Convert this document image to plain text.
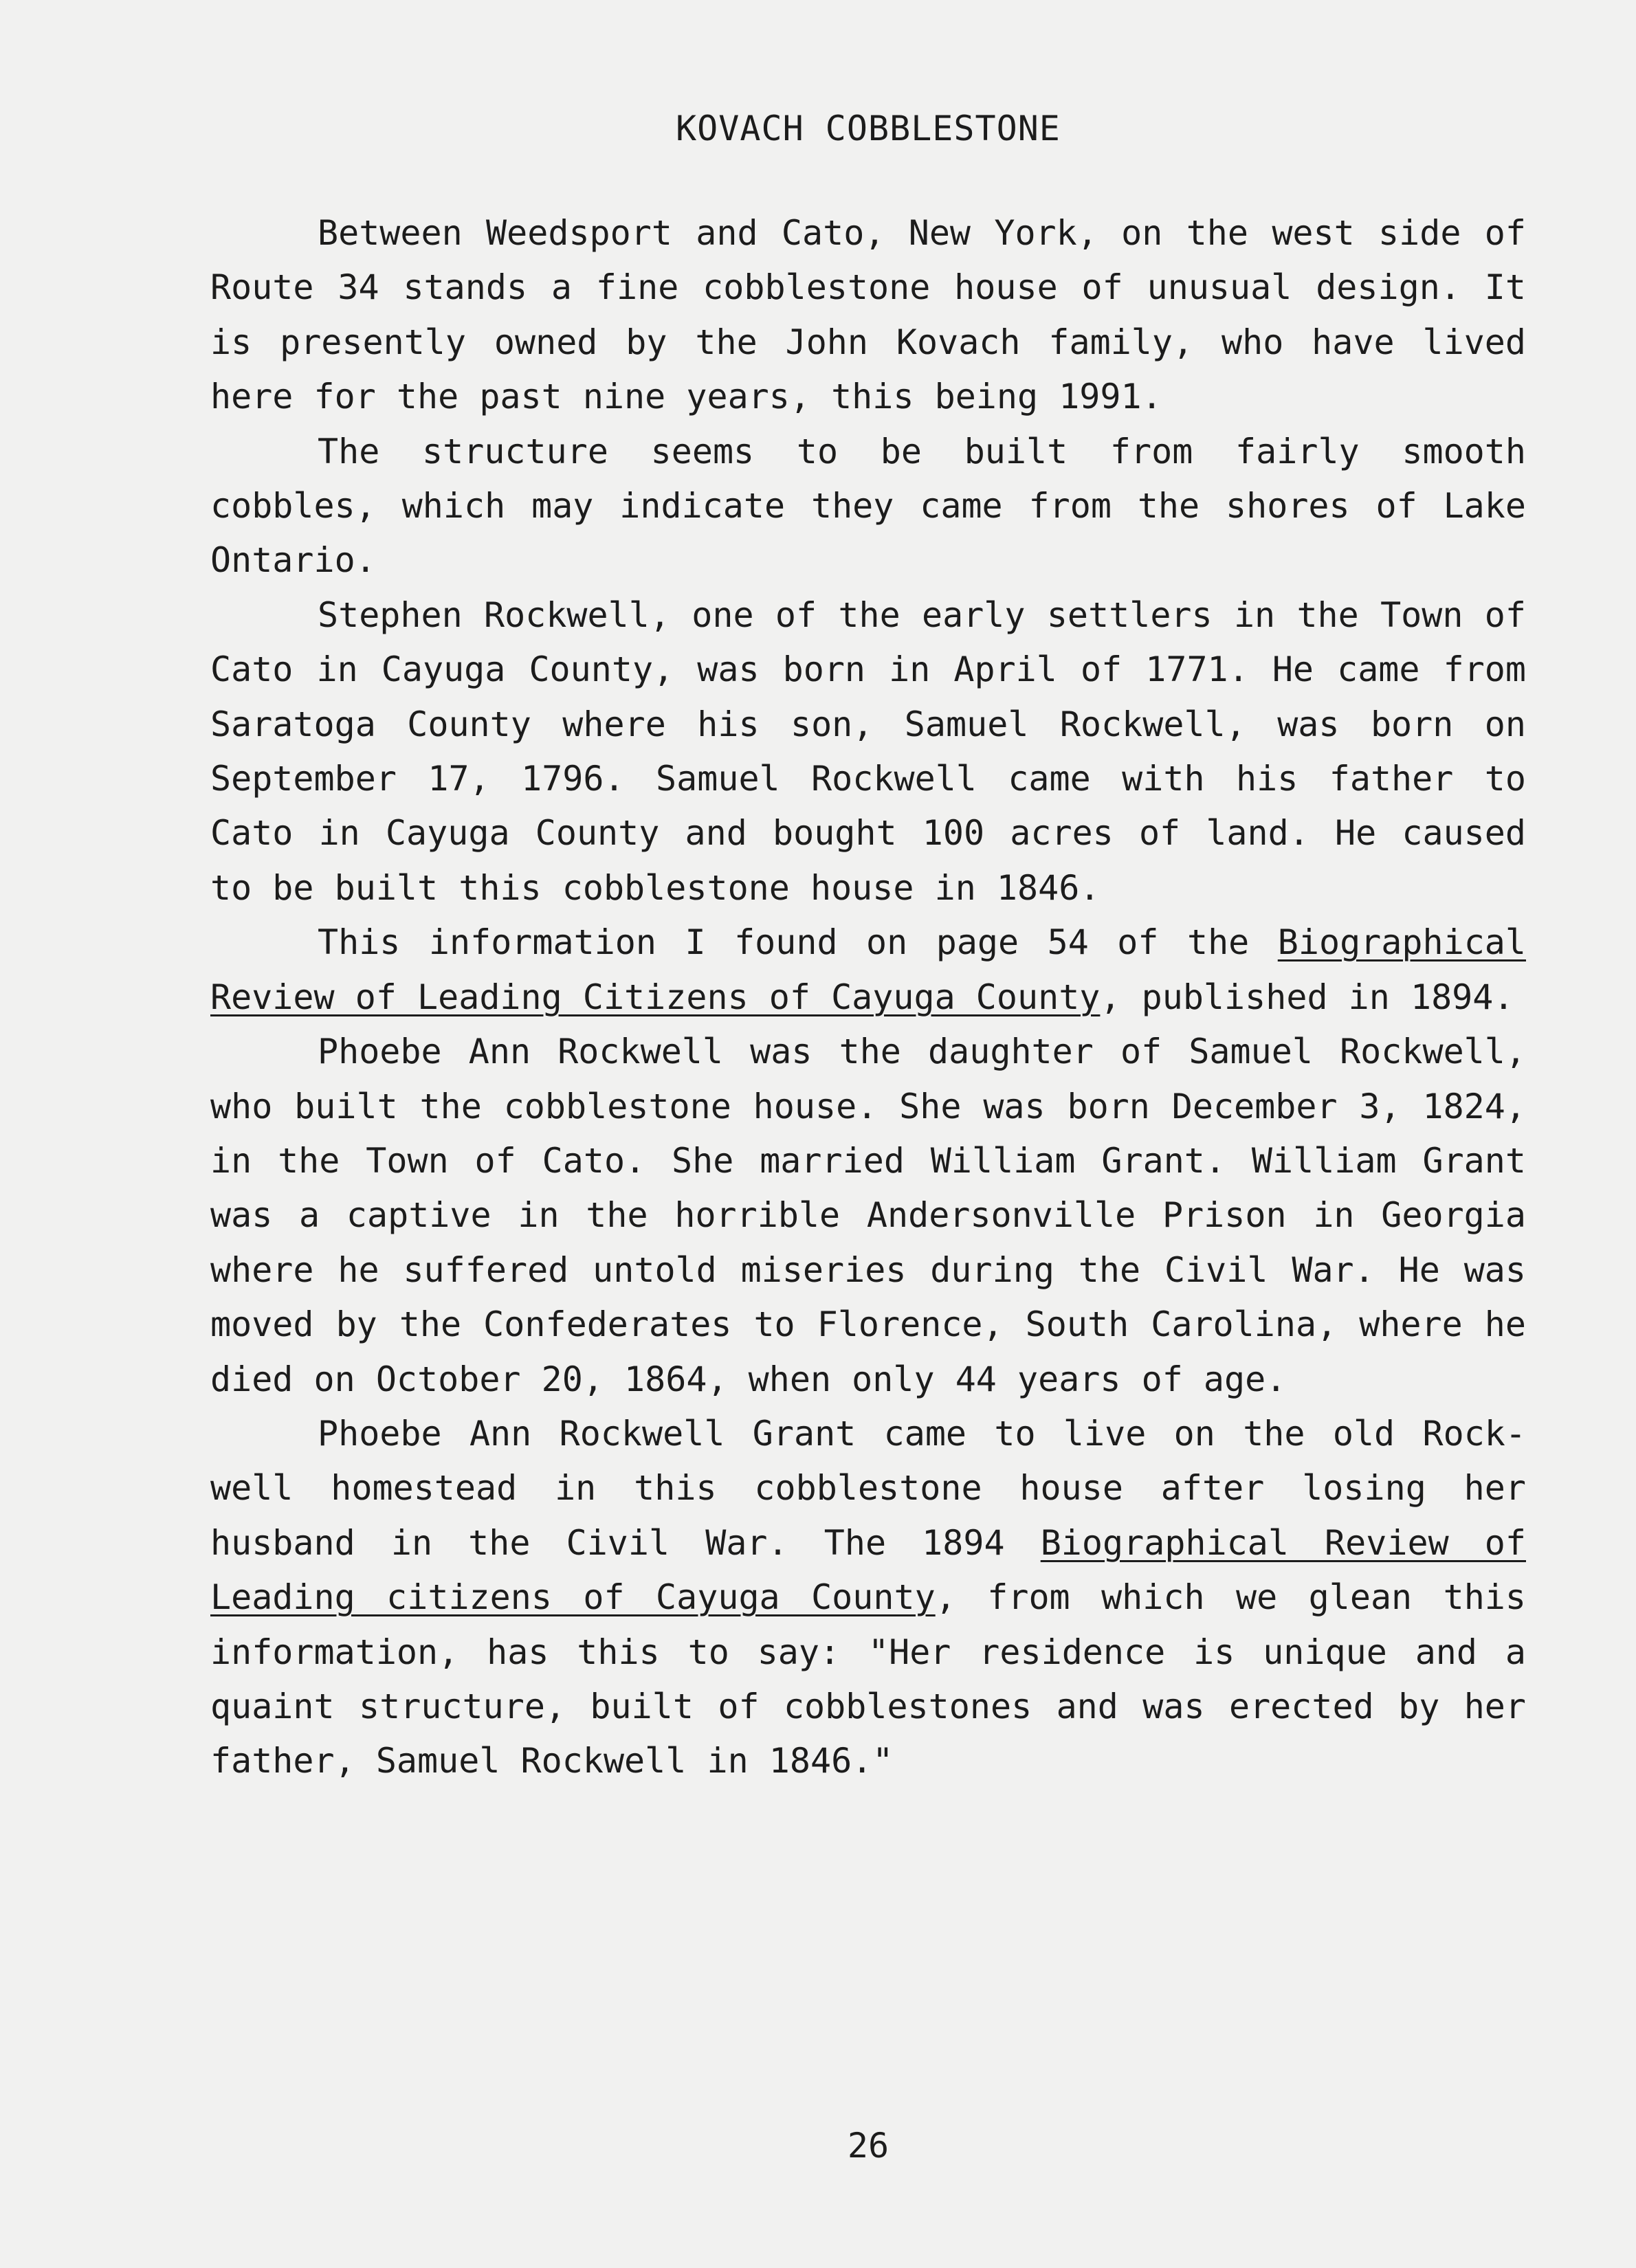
KOVACH COBBLESTONE

Between Weedsport and Cato, New York, on the west side of Route 34 stands a fine cobblestone house of unusual design. It is presently owned by the John Kovach family, who have lived here for the past nine years, this being 1991.

The structure seems to be built from fairly smooth cobbles, which may indicate they came from the shores of Lake Ontario.

Stephen Rockwell, one of the early settlers in the Town of Cato in Cayuga County, was born in April of 1771. He came from Saratoga County where his son, Samuel Rockwell, was born on September 17, 1796. Samuel Rockwell came with his father to Cato in Cayuga County and bought 100 acres of land. He caused to be built this cobblestone house in 1846.

This information I found on page 54 of the Biographical Review of Leading Citizens of Cayuga County, published in 1894.

Phoebe Ann Rockwell was the daughter of Samuel Rockwell, who built the cobblestone house. She was born December 3, 1824, in the Town of Cato. She married William Grant. William Grant was a captive in the horrible Andersonville Prison in Georgia where he suffered untold miseries during the Civil War. He was moved by the Confederates to Florence, South Carolina, where he died on October 20, 1864, when only 44 years of age.

Phoebe Ann Rockwell Grant came to live on the old Rock-well homestead in this cobblestone house after losing her husband in the Civil War. The 1894 Biographical Review of Leading citizens of Cayuga County, from which we glean this information, has this to say: "Her residence is unique and a quaint structure, built of cobblestones and was erected by her father, Samuel Rockwell in 1846."

26
